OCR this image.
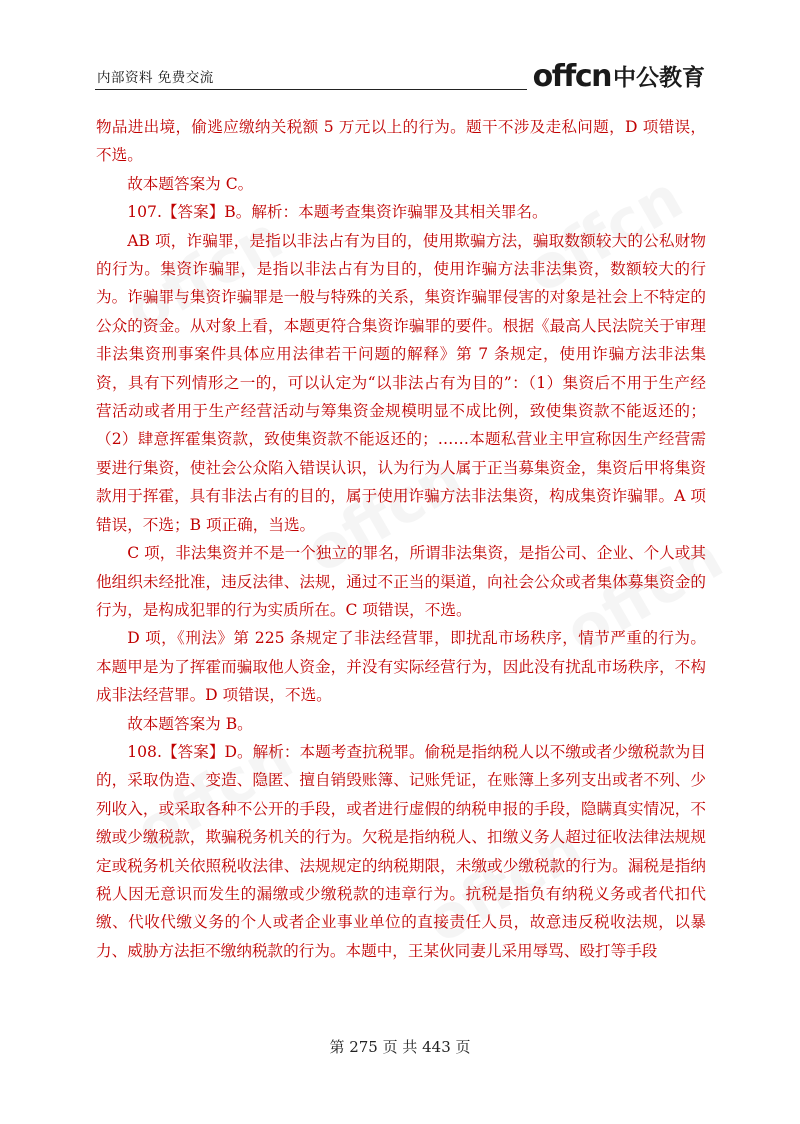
内部资料 免费交流	offcn 中公教育

物品进出境，偷逃应缴纳关税额 5 万元以上的行为。题干不涉及走私问题，D 项错误，不选。

故本题答案为 C。

107.【答案】B。解析：本题考查集资诈骗罪及其相关罪名。

AB 项，诈骗罪，是指以非法占有为目的，使用欺骗方法，骗取数额较大的公私财物的行为。集资诈骗罪，是指以非法占有为目的，使用诈骗方法非法集资，数额较大的行为。诈骗罪与集资诈骗罪是一般与特殊的关系，集资诈骗罪侵害的对象是社会上不特定的公众的资金。从对象上看，本题更符合集资诈骗罪的要件。根据《最高人民法院关于审理非法集资刑事案件具体应用法律若干问题的解释》第 7 条规定，使用诈骗方法非法集资，具有下列情形之一的，可以认定为“以非法占有为目的”：（1）集资后不用于生产经营活动或者用于生产经营活动与筹集资金规模明显不成比例，致使集资款不能返还的；（2）肆意挥霍集资款，致使集资款不能返还的；……本题私营业主甲宣称因生产经营需要进行集资，使社会公众陷入错误认识，认为行为人属于正当募集资金，集资后甲将集资款用于挥霍，具有非法占有的目的，属于使用诈骗方法非法集资，构成集资诈骗罪。A 项错误，不选；B 项正确，当选。

C 项，非法集资并不是一个独立的罪名，所谓非法集资，是指公司、企业、个人或其他组织未经批准，违反法律、法规，通过不正当的渠道，向社会公众或者集体募集资金的行为，是构成犯罪的行为实质所在。C 项错误，不选。

D 项，《刑法》第 225 条规定了非法经营罪，即扰乱市场秩序，情节严重的行为。本题甲是为了挥霍而骗取他人资金，并没有实际经营行为，因此没有扰乱市场秩序，不构成非法经营罪。D 项错误，不选。

故本题答案为 B。

108.【答案】D。解析：本题考查抗税罪。偷税是指纳税人以不缴或者少缴税款为目的，采取伪造、变造、隐匿、擅自销毁账簿、记账凭证，在账簿上多列支出或者不列、少列收入，或采取各种不公开的手段，或者进行虚假的纳税申报的手段，隐瞒真实情况，不缴或少缴税款，欺骗税务机关的行为。欠税是指纳税人、扣缴义务人超过征收法律法规规定或税务机关依照税收法律、法规规定的纳税期限，未缴或少缴税款的行为。漏税是指纳税人因无意识而发生的漏缴或少缴税款的违章行为。抗税是指负有纳税义务或者代扣代缴、代收代缴义务的个人或者企业事业单位的直接责任人员，故意违反税收法规，以暴力、威胁方法拒不缴纳税款的行为。本题中，王某伙同妻儿采用辱骂、殴打等手段

第 275 页 共 443 页
